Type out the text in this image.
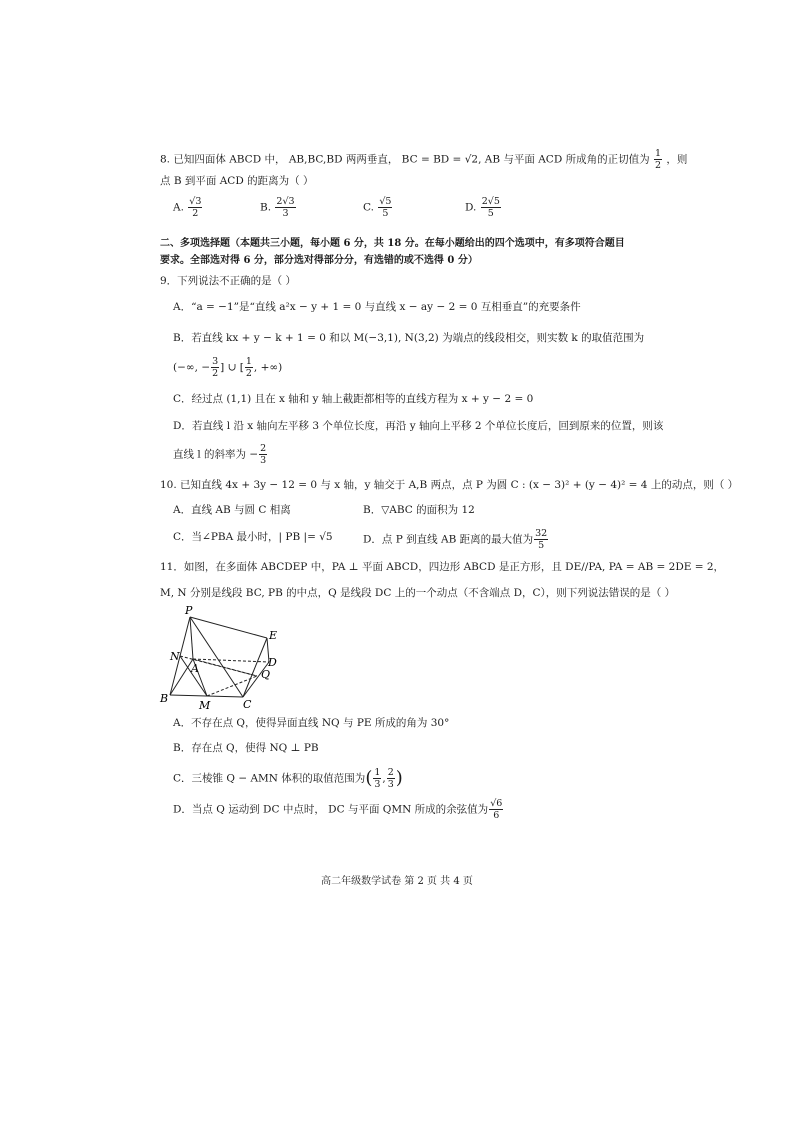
8. 已知四面体 ABCD 中， AB,BC,BD 两两垂直， BC = BD = √2, AB 与平面 ACD 所成角的正切值为 $\frac{1}{2}$ ，则
点 B 到平面 ACD 的距离为（ ）
A. $\frac{√3}{2}$	B. $\frac{2√3}{3}$	C. $\frac{√5}{5}$	D. $\frac{2√5}{5}$
二、多项选择题（本题共三小题，每小题 6 分，共 18 分。在每小题给出的四个选项中，有多项符合题目
要求。全部选对得 6 分，部分选对得部分分，有选错的或不选得 0 分）
9．下列说法不正确的是（ ）
A．“a = −1”是“直线 a²x − y + 1 = 0 与直线 x − ay − 2 = 0 互相垂直”的充要条件
B．若直线 kx + y − k + 1 = 0 和以 M(−3,1), N(3,2) 为端点的线段相交，则实数 k 的取值范围为
(−∞, − $\frac{3}{2}$ ] ∪ [ $\frac{1}{2}$ , +∞)
C．经过点 (1,1) 且在 x 轴和 y 轴上截距都相等的直线方程为 x + y − 2 = 0
D．若直线 l 沿 x 轴向左平移 3 个单位长度，再沿 y 轴向上平移 2 个单位长度后，回到原来的位置，则该
直线 l 的斜率为 − $\frac{2}{3}$
10. 已知直线 4x + 3y − 12 = 0 与 x 轴，y 轴交于 A,B 两点，点 P 为圆 C : (x − 3)² + (y − 4)² = 4 上的动点，则（ ）
A．直线 AB 与圆 C 相离	B．▽ABC 的面积为 12
C．当∠PBA 最小时，| PB |= √5	D．点 P 到直线 AB 距离的最大值为 $\frac{32}{5}$
11．如图，在多面体 ABCDEP 中，PA ⊥ 平面 ABCD，四边形 ABCD 是正方形，且 DE//PA, PA = AB = 2DE = 2，
M, N 分别是线段 BC, PB 的中点，Q 是线段 DC 上的一个动点（不含端点 D，C），则下列说法错误的是（ ）
P
E
N	D
A	Q
B
M	C
A．不存在点 Q，使得异面直线 NQ 与 PE 所成的角为 30°
B．存在点 Q，使得 NQ ⊥ PB
C．三棱锥 Q − AMN 体积的取值范围为( $\frac{1}{3}$ , $\frac{2}{3}$ )
D．当点 Q 运动到 DC 中点时， DC 与平面 QMN 所成的余弦值为 $\frac{√6}{6}$
高二年级数学试卷 第 2 页 共 4 页
